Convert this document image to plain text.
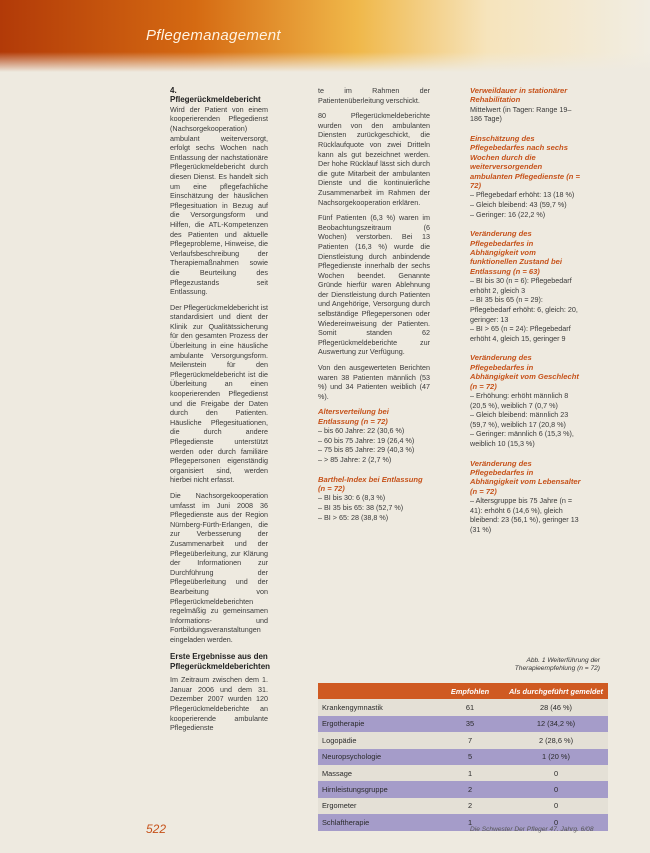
Pflegemanagement
4. Pflegerückmeldebericht

Wird der Patient von einem kooperierenden Pflegedienst (Nachsorgekooperation) ambulant weiterversorgt, erfolgt sechs Wochen nach Entlassung der nachstationäre Pflegerückmeldebericht durch diesen Dienst. Es handelt sich um eine pflegefachliche Einschätzung der häuslichen Pflegesituation in Bezug auf die Versorgungsform und Hilfen, die ATL-Kompetenzen des Patienten und aktuelle Pflegeprobleme, Hinweise, die Verlaufsbeschreibung der Therapiemaßnahmen sowie die Beurteilung des Pflegezustands seit Entlassung.

Der Pflegerückmeldebericht ist standardisiert und dient der Klinik zur Qualitätssicherung für den gesamten Prozess der Überleitung in eine häusliche ambulante Versorgungsform. Meilenstein für den Pflegerückmeldebericht ist die Überleitung an einen kooperierenden Pflegedienst und die Freigabe der Daten durch den Patienten. Häusliche Pflegesituationen, die durch andere Pflegedienste unterstützt werden oder durch familiäre Pflegepersonen eigenständig organisiert sind, werden hierbei nicht erfasst.

Die Nachsorgekooperation umfasst im Juni 2008 36 Pflegedienste aus der Region Nürnberg-Fürth-Erlangen, die zur Verbesserung der Zusammenarbeit und der Pflegeüberleitung, zur Klärung der Informationen zur Durchführung der Pflegeüberleitung und der Bearbeitung von Pflegerückmeldeberichten regelmäßig zu gemeinsamen Informations- und Fortbildungsveranstaltungen eingeladen werden.

Erste Ergebnisse aus den Pflegerückmeldeberichten

Im Zeitraum zwischen dem 1. Januar 2006 und dem 31. Dezember 2007 wurden 120 Pflegerückmeldeberichte an kooperierende ambulante Pflegedienste

te im Rahmen der Patientenüberleitung verschickt.

80 Pflegerückmeldeberichte wurden von den ambulanten Diensten zurückgeschickt, die Rücklaufquote von zwei Dritteln kann als gut bezeichnet werden. Der hohe Rücklauf lässt sich durch die gute Mitarbeit der ambulanten Dienste und die kontinuierliche Zusammenarbeit im Rahmen der Nachsorgekooperation erklären.

Fünf Patienten (6,3 %) waren im Beobachtungszeitraum (6 Wochen) verstorben. Bei 13 Patienten (16,3 %) wurde die Dienstleistung durch anbindende Pflegedienste innerhalb der sechs Wochen beendet. Genannte Gründe hierfür waren Ablehnung der Dienstleistung durch Patienten und Angehörige, Versorgung durch selbständige Pflegepersonen oder Wiedereinweisung der Patienten. Somit standen 62 Pflegerückmeldeberichte zur Auswertung zur Verfügung.

Von den ausgewerteten Berichten waren 38 Patienten männlich (53 %) und 34 Patienten weiblich (47 %).

Altersverteilung bei Entlassung (n = 72)
– bis 60 Jahre: 22 (30,6 %)
– 60 bis 75 Jahre: 19 (26,4 %)
– 75 bis 85 Jahre: 29 (40,3 %)
– > 85 Jahre: 2 (2,7 %)
Barthel-Index bei Entlassung (n = 72)
– BI bis 30: 6 (8,3 %)
– BI 35 bis 65: 38 (52,7 %)
– BI > 65: 28 (38,8 %)
Verweildauer in stationärer Rehabilitation
Mittelwert (in Tagen: Range 19–186 Tage)
Einschätzung des Pflegebedarfes nach sechs Wochen durch die weiterversorgenden ambulanten Pflegedienste (n = 72)
– Pflegebedarf erhöht: 13 (18 %)
– Gleich bleibend: 43 (59,7 %)
– Geringer: 16 (22,2 %)
Veränderung des Pflegebedarfes in Abhängigkeit vom funktionellen Zustand bei Entlassung (n = 63)
– BI bis 30 (n = 6): Pflegebedarf erhöht 2, gleich 3
– BI 35 bis 65 (n = 29): Pflegebedarf erhöht: 6, gleich: 20, geringer: 13
– BI > 65 (n = 24): Pflegebedarf erhöht 4, gleich 15, geringer 9
Veränderung des Pflegebedarfes in Abhängigkeit vom Geschlecht (n = 72)
– Erhöhung: erhöht männlich 8 (20,5 %), weiblich 7 (0,7 %)
– Gleich bleibend: männlich 23 (59,7 %), weiblich 17 (20,8 %)
– Geringer: männlich 6 (15,3 %), weiblich 10 (15,3 %)
Veränderung des Pflegebedarfes in Abhängigkeit vom Lebensalter (n = 72)
– Altersgruppe bis 75 Jahre (n = 41): erhöht 6 (14,6 %), gleich bleibend: 23 (56,1 %), geringer 13 (31 %)
Abb. 1 Weiterführung der Therapieempfehlung (n = 72)
	Empfohlen	Als durchgeführt gemeldet
Krankengymnastik	61	28 (46 %)
Ergotherapie	35	12 (34,2 %)
Logopädie	7	2 (28,6 %)
Neuropsychologie	5	1 (20 %)
Massage	1	0
Hirnleistungsgruppe	2	0
Ergometer	2	0
Schlaftherapie	1	0
522	Die Schwester Der Pfleger 47. Jahrg. 6/08
